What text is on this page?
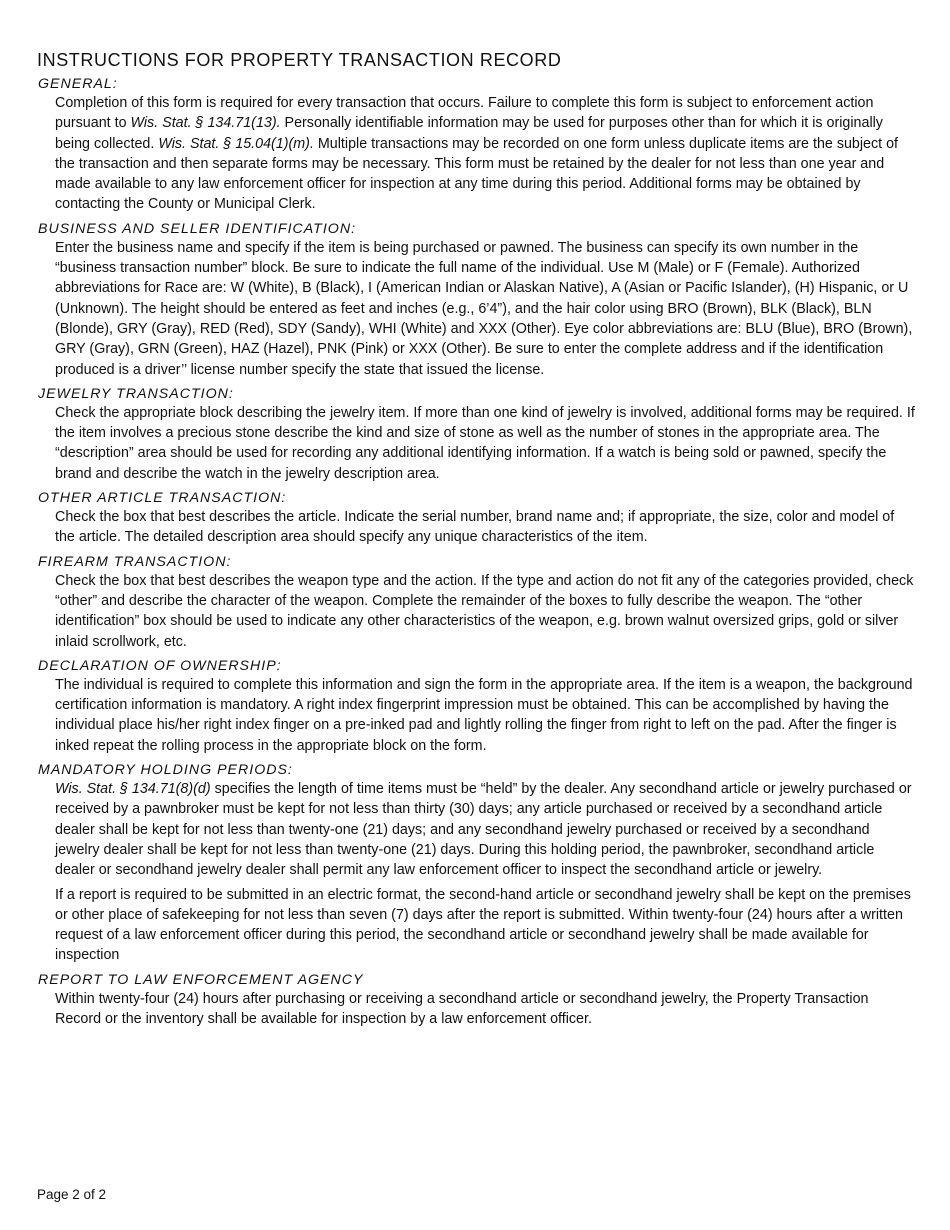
INSTRUCTIONS FOR PROPERTY TRANSACTION RECORD
GENERAL:

Completion of this form is required for every transaction that occurs. Failure to complete this form is subject to enforcement action pursuant to Wis. Stat. § 134.71(13). Personally identifiable information may be used for purposes other than for which it is originally being collected. Wis. Stat. § 15.04(1)(m). Multiple transactions may be recorded on one form unless duplicate items are the subject of the transaction and then separate forms may be necessary. This form must be retained by the dealer for not less than one year and made available to any law enforcement officer for inspection at any time during this period. Additional forms may be obtained by contacting the County or Municipal Clerk.

BUSINESS AND SELLER IDENTIFICATION:

Enter the business name and specify if the item is being purchased or pawned. The business can specify its own number in the “business transaction number” block. Be sure to indicate the full name of the individual. Use M (Male) or F (Female). Authorized abbreviations for Race are: W (White), B (Black), I (American Indian or Alaskan Native), A (Asian or Pacific Islander), (H) Hispanic, or U (Unknown). The height should be entered as feet and inches (e.g., 6’4”), and the hair color using BRO (Brown), BLK (Black), BLN (Blonde), GRY (Gray), RED (Red), SDY (Sandy), WHI (White) and XXX (Other). Eye color abbreviations are: BLU (Blue), BRO (Brown), GRY (Gray), GRN (Green), HAZ (Hazel), PNK (Pink) or XXX (Other). Be sure to enter the complete address and if the identification produced is a driver’’ license number specify the state that issued the license.

JEWELRY TRANSACTION:

Check the appropriate block describing the jewelry item. If more than one kind of jewelry is involved, additional forms may be required. If the item involves a precious stone describe the kind and size of stone as well as the number of stones in the appropriate area. The “description” area should be used for recording any additional identifying information. If a watch is being sold or pawned, specify the brand and describe the watch in the jewelry description area.

OTHER ARTICLE TRANSACTION:

Check the box that best describes the article. Indicate the serial number, brand name and; if appropriate, the size, color and model of the article. The detailed description area should specify any unique characteristics of the item.

FIREARM TRANSACTION:

Check the box that best describes the weapon type and the action. If the type and action do not fit any of the categories provided, check “other” and describe the character of the weapon. Complete the remainder of the boxes to fully describe the weapon. The “other identification” box should be used to indicate any other characteristics of the weapon, e.g. brown walnut oversized grips, gold or silver inlaid scrollwork, etc.

DECLARATION OF OWNERSHIP:

The individual is required to complete this information and sign the form in the appropriate area. If the item is a weapon, the background certification information is mandatory. A right index fingerprint impression must be obtained. This can be accomplished by having the individual place his/her right index finger on a pre-inked pad and lightly rolling the finger from right to left on the pad. After the finger is inked repeat the rolling process in the appropriate block on the form.

MANDATORY HOLDING PERIODS:

Wis. Stat. § 134.71(8)(d) specifies the length of time items must be “held” by the dealer. Any secondhand article or jewelry purchased or received by a pawnbroker must be kept for not less than thirty (30) days; any article purchased or received by a secondhand article dealer shall be kept for not less than twenty-one (21) days; and any secondhand jewelry purchased or received by a secondhand jewelry dealer shall be kept for not less than twenty-one (21) days. During this holding period, the pawnbroker, secondhand article dealer or secondhand jewelry dealer shall permit any law enforcement officer to inspect the secondhand article or jewelry.

If a report is required to be submitted in an electric format, the second-hand article or secondhand jewelry shall be kept on the premises or other place of safekeeping for not less than seven (7) days after the report is submitted. Within twenty-four (24) hours after a written request of a law enforcement officer during this period, the secondhand article or secondhand jewelry shall be made available for inspection

REPORT TO LAW ENFORCEMENT AGENCY

Within twenty-four (24) hours after purchasing or receiving a secondhand article or secondhand jewelry, the Property Transaction Record or the inventory shall be available for inspection by a law enforcement officer.

Page 2 of 2
